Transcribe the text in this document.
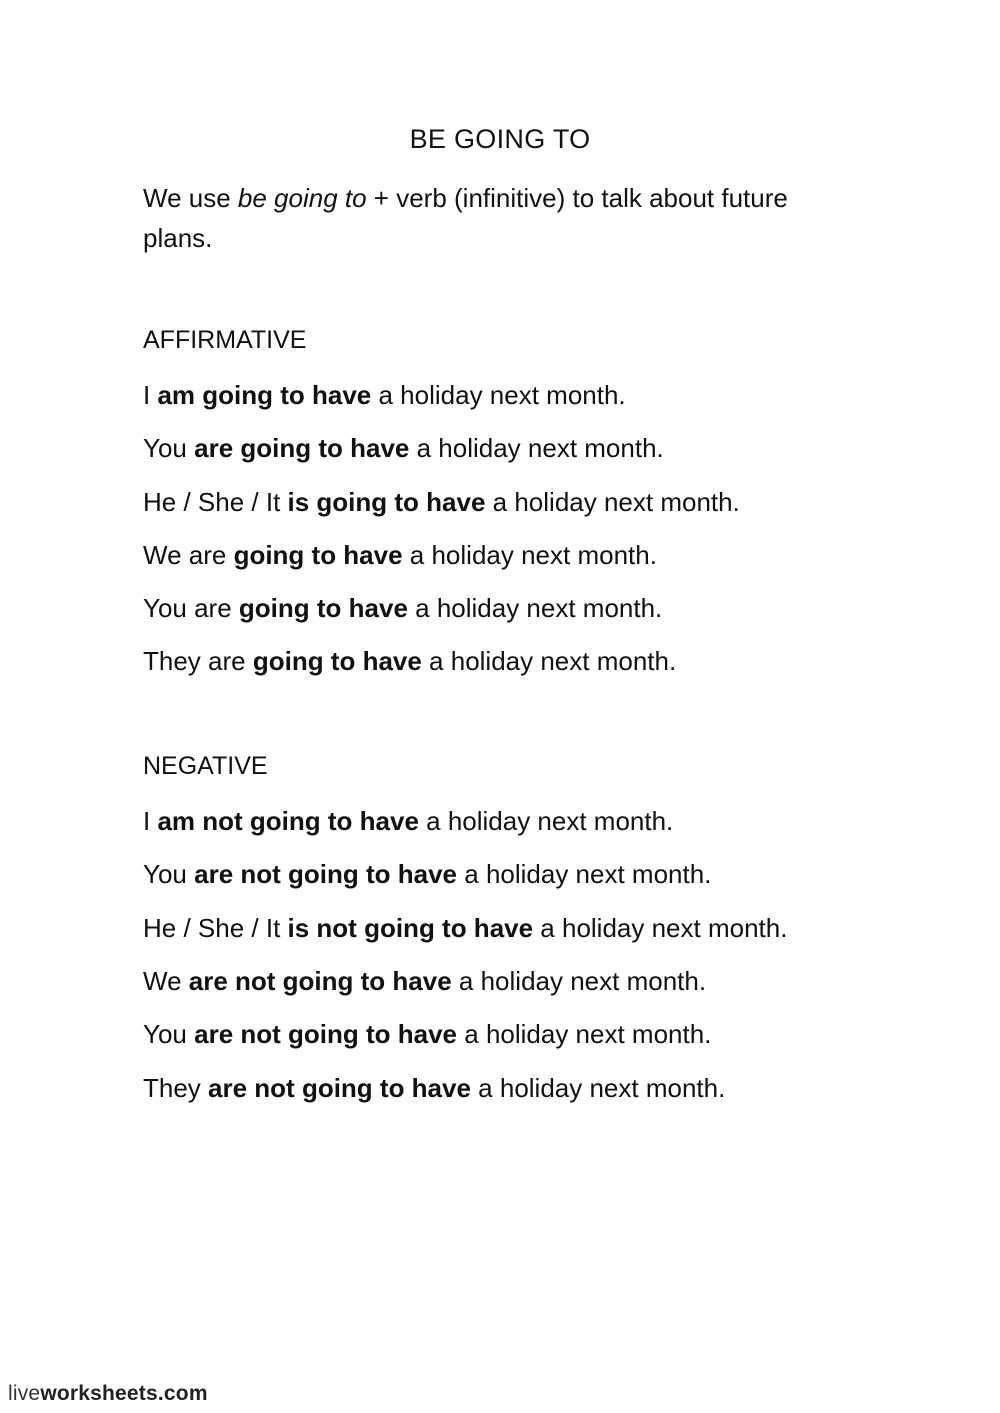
BE GOING TO
We use be going to + verb (infinitive) to talk about future plans.
AFFIRMATIVE
I am going to have a holiday next month.
You are going to have a holiday next month.
He / She / It is going to have a holiday next month.
We are going to have a holiday next month.
You are going to have a holiday next month.
They are going to have a holiday next month.
NEGATIVE
I am not going to have a holiday next month.
You are not going to have a holiday next month.
He / She / It is not going to have a holiday next month.
We are not going to have a holiday next month.
You are not going to have a holiday next month.
They are not going to have a holiday next month.
liveworksheets.com
